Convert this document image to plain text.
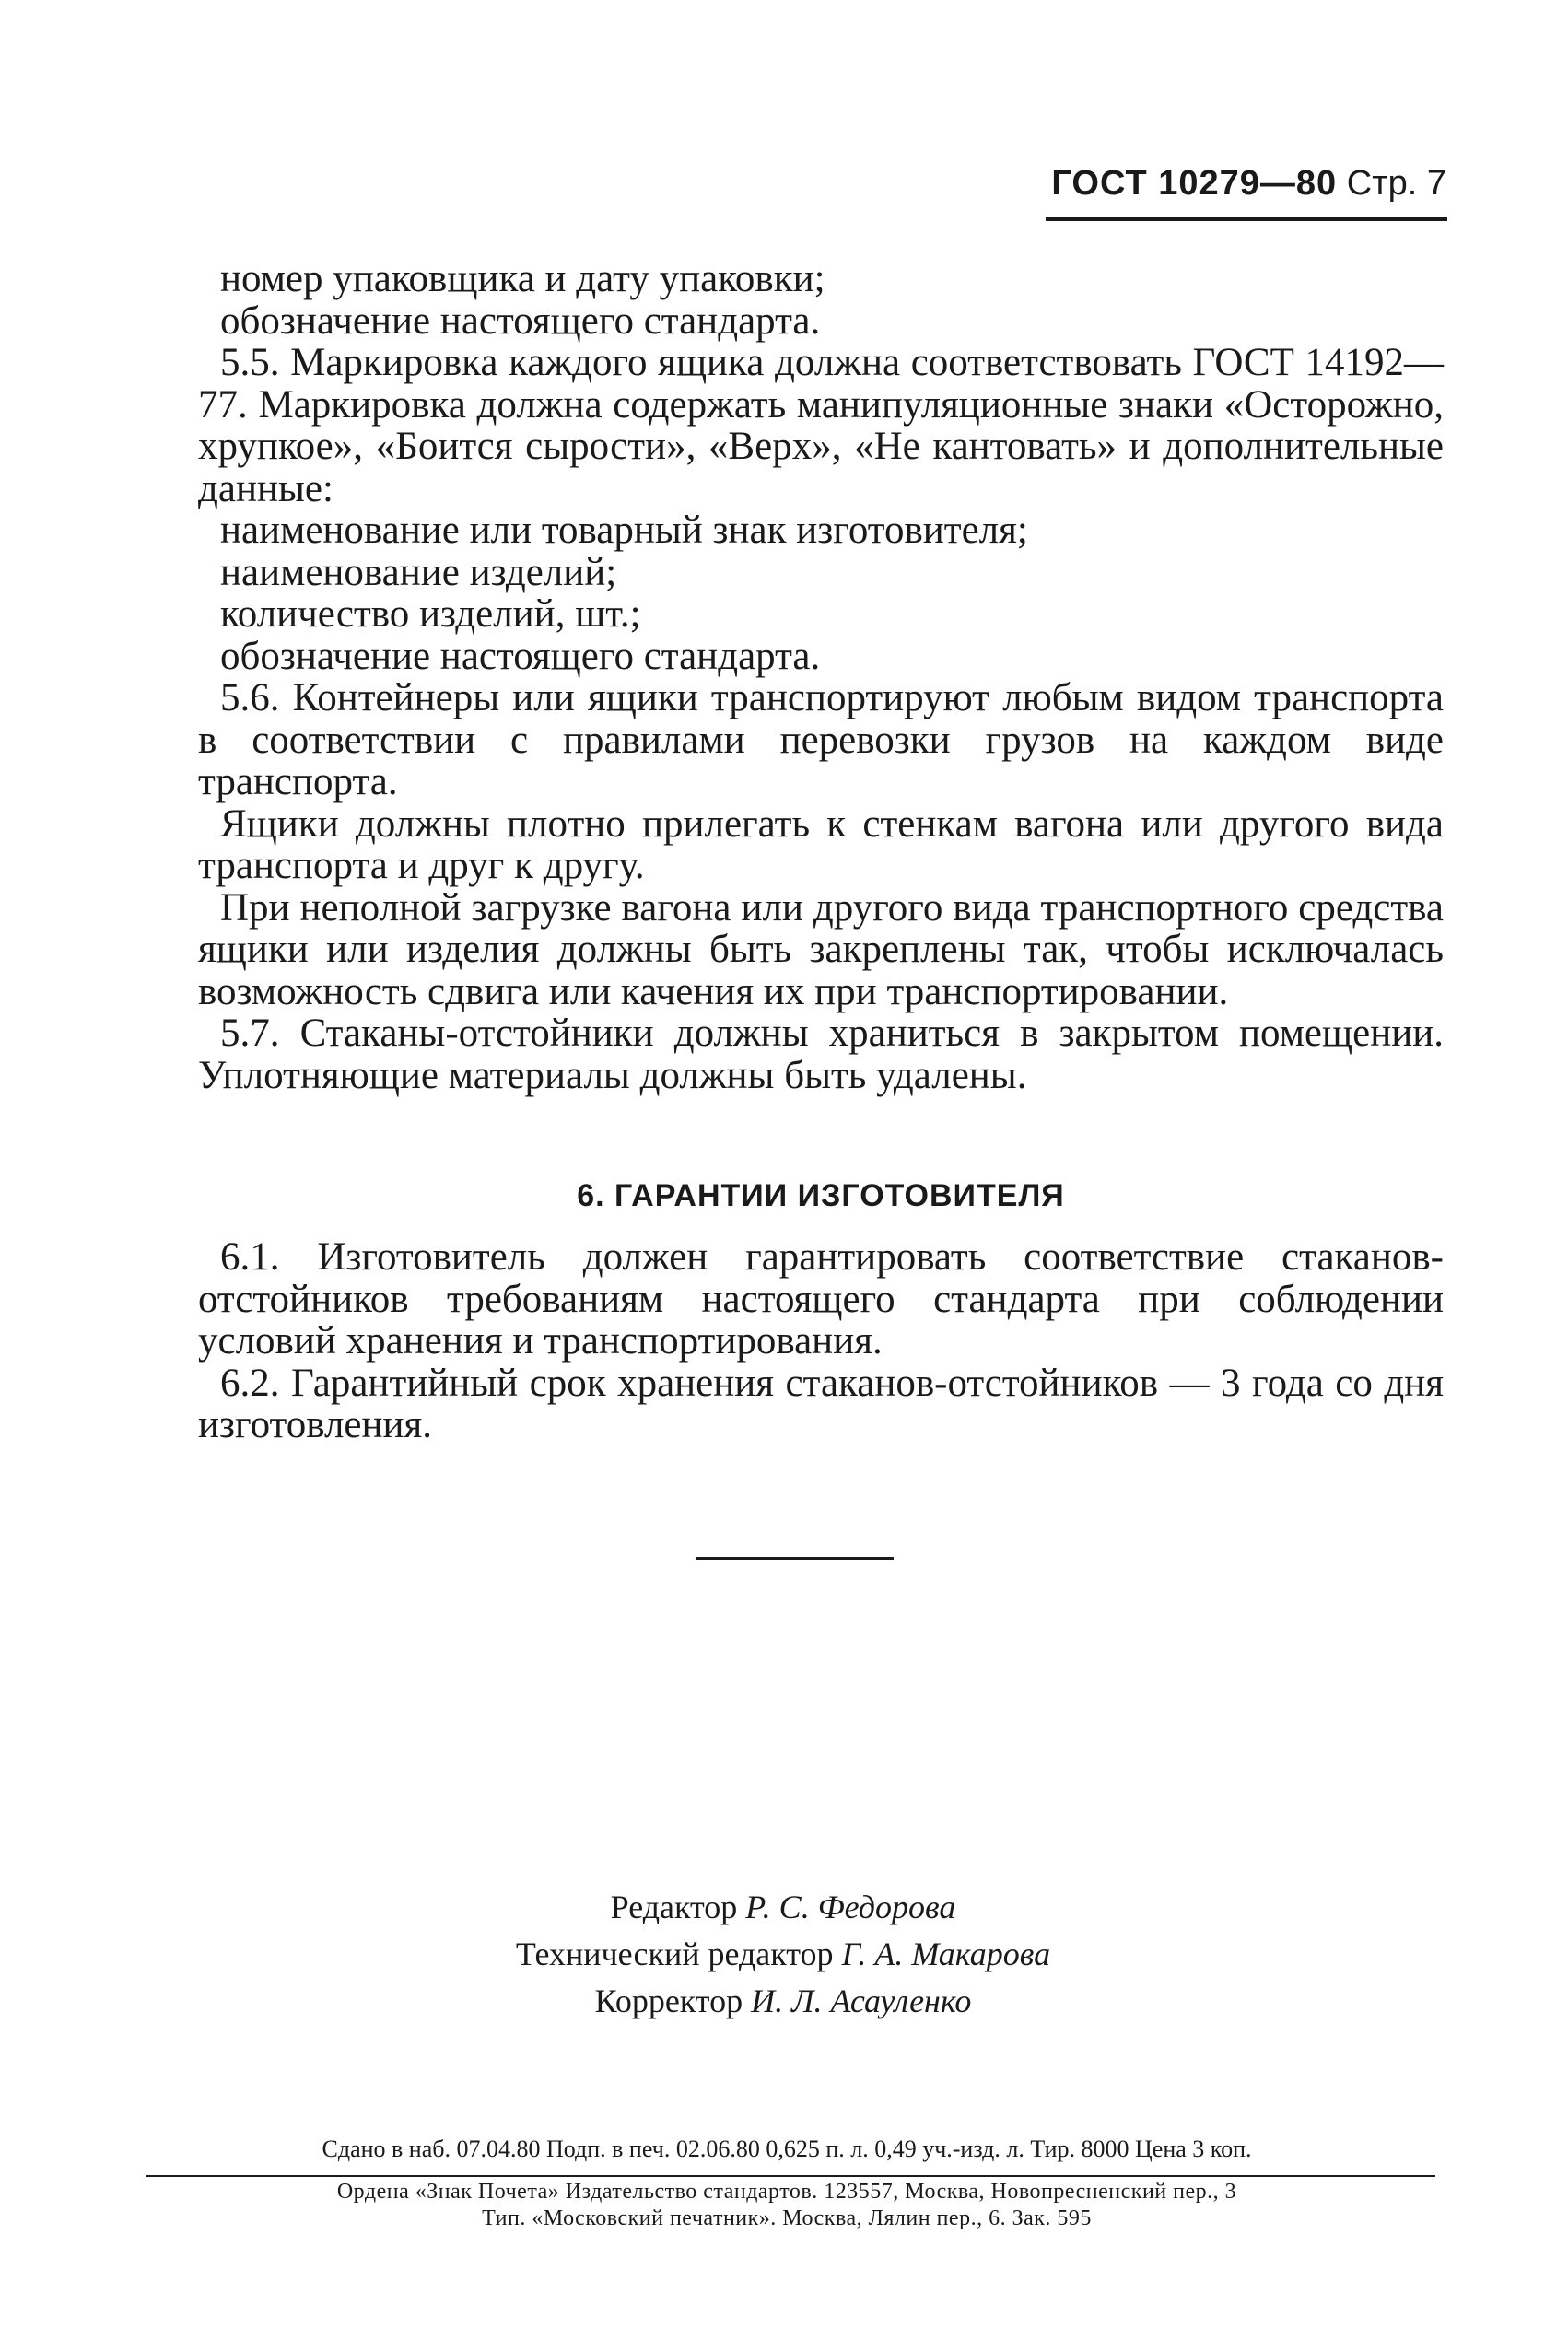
ГОСТ 10279—80 Стр. 7

номер упаковщика и дату упаковки;

обозначение настоящего стандарта.

5.5. Маркировка каждого ящика должна соответствовать ГОСТ 14192—77. Маркировка должна содержать манипуляционные знаки «Осторожно, хрупкое», «Боится сырости», «Верх», «Не кантовать» и дополнительные данные:

наименование или товарный знак изготовителя;

наименование изделий;

количество изделий, шт.;

обозначение настоящего стандарта.

5.6. Контейнеры или ящики транспортируют любым видом транспорта в соответствии с правилами перевозки грузов на каждом виде транспорта.

Ящики должны плотно прилегать к стенкам вагона или другого вида транспорта и друг к другу.

При неполной загрузке вагона или другого вида транспортного средства ящики или изделия должны быть закреплены так, чтобы исключалась возможность сдвига или качения их при транспортировании.

5.7. Стаканы-отстойники должны храниться в закрытом помещении. Уплотняющие материалы должны быть удалены.

6. ГАРАНТИИ ИЗГОТОВИТЕЛЯ

6.1. Изготовитель должен гарантировать соответствие стаканов-отстойников требованиям настоящего стандарта при соблюдении условий хранения и транспортирования.

6.2. Гарантийный срок хранения стаканов-отстойников — 3 года со дня изготовления.

Редактор Р. С. Федорова
Технический редактор Г. А. Макарова
Корректор И. Л. Асауленко
Сдано в наб. 07.04.80 Подп. в печ. 02.06.80 0,625 п. л. 0,49 уч.-изд. л. Тир. 8000 Цена 3 коп.
Ордена «Знак Почета» Издательство стандартов. 123557, Москва, Новопресненский пер., 3
Тип. «Московский печатник». Москва, Лялин пер., 6. Зак. 595
